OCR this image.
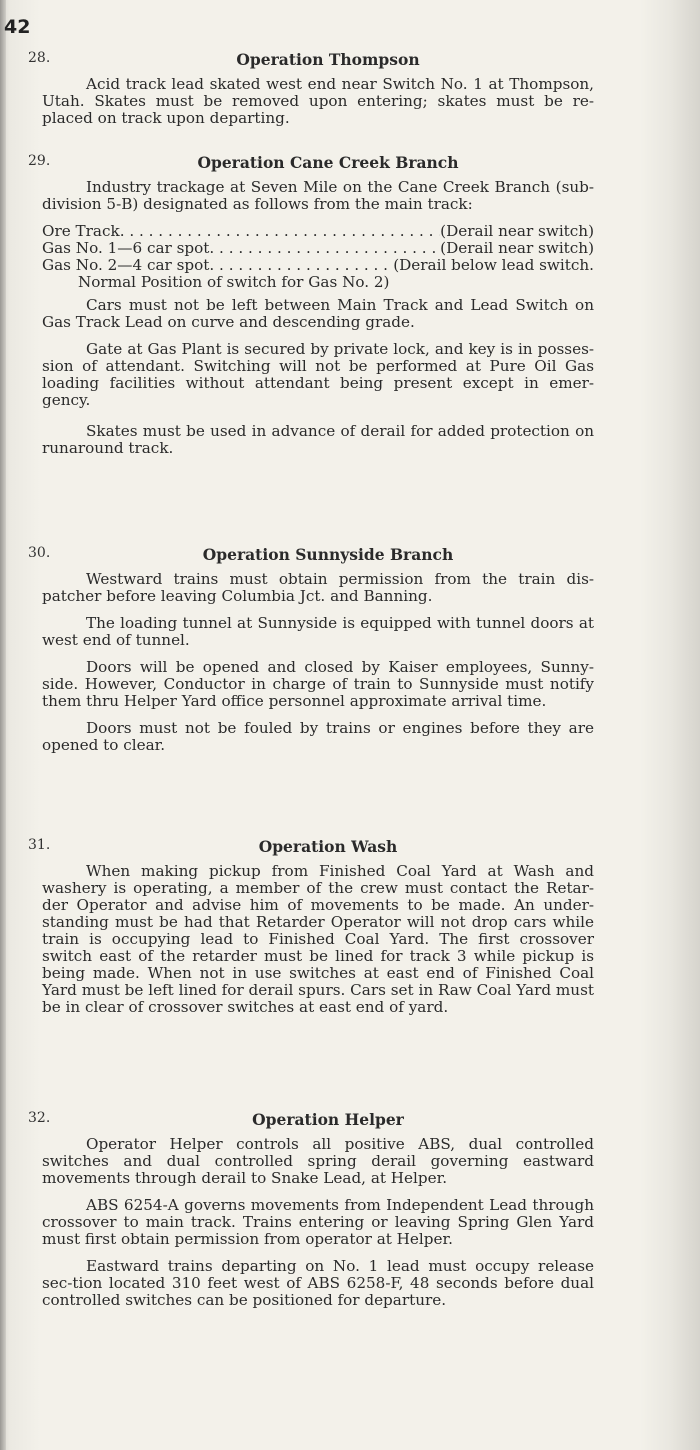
42
28.	Operation Thompson

Acid track lead skated west end near Switch No. 1 at Thompson, Utah. Skates must be removed upon entering; skates must be re-placed on track upon departing.

29.	Operation Cane Creek Branch

Industry trackage at Seven Mile on the Cane Creek Branch (sub-division 5-B) designated as follows from the main track:

Ore Track . . .	(Derail near switch)
Gas No. 1—6 car spot . . .	(Derail near switch)
Gas No. 2—4 car spot . . .	(Derail below lead switch.
Normal Position of switch for Gas No. 2)

Cars must not be left between Main Track and Lead Switch on Gas Track Lead on curve and descending grade.

Gate at Gas Plant is secured by private lock, and key is in posses-sion of attendant. Switching will not be performed at Pure Oil Gas loading facilities without attendant being present except in emer-gency.

Skates must be used in advance of derail for added protection on runaround track.

30.	Operation Sunnyside Branch

Westward trains must obtain permission from the train dis-patcher before leaving Columbia Jct. and Banning.

The loading tunnel at Sunnyside is equipped with tunnel doors at west end of tunnel.

Doors will be opened and closed by Kaiser employees, Sunny-side. However, Conductor in charge of train to Sunnyside must notify them thru Helper Yard office personnel approximate arrival time.

Doors must not be fouled by trains or engines before they are opened to clear.

31.	Operation Wash

When making pickup from Finished Coal Yard at Wash and washery is operating, a member of the crew must contact the Retar-der Operator and advise him of movements to be made. An under-standing must be had that Retarder Operator will not drop cars while train is occupying lead to Finished Coal Yard. The first crossover switch east of the retarder must be lined for track 3 while pickup is being made. When not in use switches at east end of Finished Coal Yard must be left lined for derail spurs. Cars set in Raw Coal Yard must be in clear of crossover switches at east end of yard.

32.	Operation Helper

Operator Helper controls all positive ABS, dual controlled switches and dual controlled spring derail governing eastward movements through derail to Snake Lead, at Helper.

ABS 6254-A governs movements from Independent Lead through crossover to main track. Trains entering or leaving Spring Glen Yard must first obtain permission from operator at Helper.

Eastward trains departing on No. 1 lead must occupy release sec-tion located 310 feet west of ABS 6258-F, 48 seconds before dual controlled switches can be positioned for departure.
